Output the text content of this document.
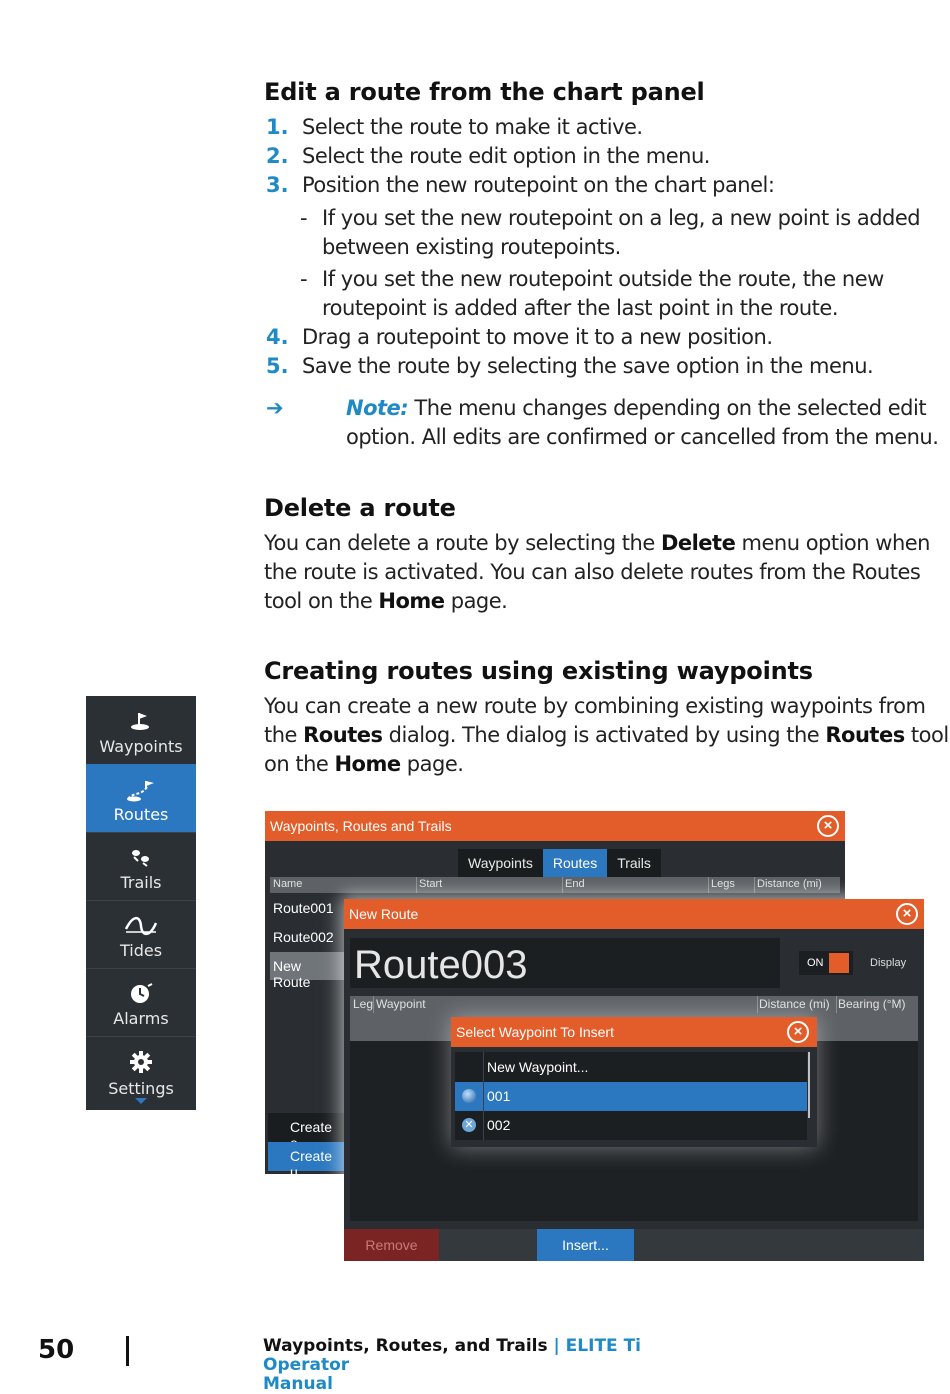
Edit a route from the chart panel
1. Select the route to make it active.
2. Select the route edit option in the menu.
3. Position the new routepoint on the chart panel:
- If you set the new routepoint on a leg, a new point is added
between existing routepoints.
- If you set the new routepoint outside the route, the new
routepoint is added after the last point in the route.
4. Drag a routepoint to move it to a new position.
5. Save the route by selecting the save option in the menu.
➔	Note: The menu changes depending on the selected edit
option. All edits are confirmed or cancelled from the menu.
Delete a route
You can delete a route by selecting the Delete menu option when
the route is activated. You can also delete routes from the Routes
tool on the Home page.
Creating routes using existing waypoints
You can create a new route by combining existing waypoints from
the Routes dialog. The dialog is activated by using the Routes tool
on the Home page.
Waypoints
Routes
Trails
Tides
Alarms
Settings
Waypoints, Routes and Trails	×
Waypoints	Routes	Trails
Name	Start	End	Legs Distance (mi)
Route001
Route002
New Route
Create
Create u
New Route	×
Route003	ON	Display
Leg Waypoint	Distance (mi) Bearing (°M)
Remove	Insert...
Select Waypoint To Insert	×
New Waypoint...
001
✕ 002
50	Waypoints, Routes, and Trails | ELITE Ti Operator
Manual
